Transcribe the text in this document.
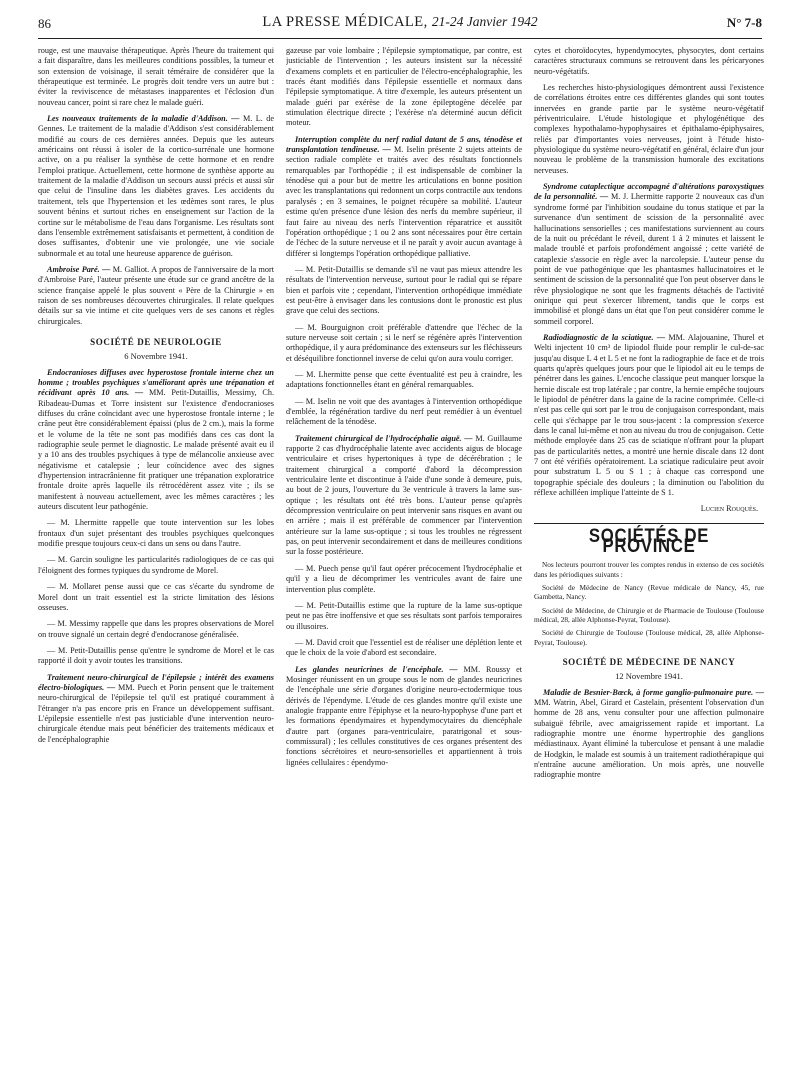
86	LA PRESSE MÉDICALE, 21-24 Janvier 1942	N° 7-8

rouge, est une mauvaise thérapeutique. Après l'heure du traitement qui a fait disparaître, dans les meilleures conditions possibles, la tumeur et son extension de voisinage, il serait téméraire de considérer que la thérapeutique est terminée. Le progrès doit tendre vers un autre but : éviter la reviviscence de métastases inapparentes et l'éclosion d'un nouveau cancer, point si rare chez le malade guéri.

Les nouveaux traitements de la maladie d'Addison. — M. L. de Gennes. Le traitement de la maladie d'Addison s'est considérablement modifié au cours de ces dernières années. Depuis que les auteurs américains ont réussi à isoler de la cortico-surrénale une hormone active, on a pu réaliser la synthèse de cette hormone et en rendre l'emploi pratique. Actuellement, cette hormone de synthèse apporte au traitement de la maladie d'Addison un secours aussi précis et aussi sûr que celui de l'insuline dans les diabètes graves. Les accidents du traitement, tels que l'hypertension et les œdèmes sont rares, le plus souvent bénins et surtout riches en enseignement sur l'action de la cortine sur le métabolisme de l'eau dans l'organisme. Les résultats sont dans l'ensemble extrêmement satisfaisants et permettent, à condition de doses suffisantes, d'obtenir une vie prolongée, une vie sociale subnormale et au total une heureuse apparence de guérison.

Ambroise Paré. — M. Galliot. A propos de l'anniversaire de la mort d'Ambroise Paré, l'auteur présente une étude sur ce grand ancêtre de la science française appelé le plus souvent « Père de la Chirurgie » en raison de ses nombreuses découvertes chirurgicales. Il relate quelques détails sur sa vie intime et cite quelques vers de ses canons et règles chirurgicales.

SOCIÉTÉ DE NEUROLOGIE
6 Novembre 1941.

Endocranioses diffuses avec hyperostose frontale interne chez un homme ; troubles psychiques s'améliorant après une trépanation et récidivant après 10 ans. — MM. Petit-Dutaillis, Messimy, Ch. Ribadeau-Dumas et Torre insistent sur l'existence d'endocranioses diffuses du crâne coïncidant avec une hyperostose frontale interne ; le crâne peut être considérablement épaissi (plus de 2 cm.), mais la forme et le volume de la tête ne sont pas modifiés dans ces cas dont la radiographie seule permet le diagnostic. Le malade présenté avait eu il y a 10 ans des troubles psychiques à type de mélancolie anxieuse avec négativisme et catalepsie ; leur coïncidence avec des signes d'hypertension intracrânienne fit pratiquer une trépanation exploratrice frontale droite après laquelle ils rétrocédèrent assez vite ; ils se manifestent à nouveau actuellement, avec les mêmes caractères ; les auteurs discutent leur pathogénie.

— M. Lhermitte rappelle que toute intervention sur les lobes frontaux d'un sujet présentant des troubles psychiques quelconques modifie presque toujours ceux-ci dans un sens ou dans l'autre.

— M. Garcin souligne les particularités radiologiques de ce cas qui l'éloignent des formes typiques du syndrome de Morel.

— M. Mollaret pense aussi que ce cas s'écarte du syndrome de Morel dont un trait essentiel est la stricte limitation des lésions osseuses.

— M. Messimy rappelle que dans les propres observations de Morel on trouve signalé un certain degré d'endocranose généralisée.

— M. Petit-Dutaillis pense qu'entre le syndrome de Morel et le cas rapporté il doit y avoir toutes les transitions.

Traitement neuro-chirurgical de l'épilepsie ; intérêt des examens électro-biologiques. — MM. Puech et Porin pensent que le traitement neuro-chirurgical de l'épilepsie tel qu'il est pratiqué couramment à l'étranger n'a pas encore pris en France un développement suffisant. L'épilepsie essentielle n'est pas justiciable d'une intervention neuro-chirurgicale étendue mais peut bénéficier des traitements médicaux et de l'encéphalographie

gazeuse par voie lombaire ; l'épilepsie symptomatique, par contre, est justiciable de l'intervention ; les auteurs insistent sur la nécessité d'examens complets et en particulier de l'électro-encéphalographie, les tracés étant modifiés dans l'épilepsie essentielle et normaux dans l'épilepsie symptomatique. A titre d'exemple, les auteurs présentent un malade guéri par exérèse de la zone épileptogène décelée par stimulation électrique directe ; l'exérèse n'a déterminé aucun déficit moteur.

Interruption complète du nerf radial datant de 5 ans, ténodèse et transplantation tendineuse. — M. Iselin présente 2 sujets atteints de section radiale complète et traités avec des résultats fonctionnels remarquables par l'orthopédie ; il est indispensable de combiner la ténodèse qui a pour but de mettre les articulations en bonne position avec les transplantations qui redonnent un corps contractile aux tendons paralysés ; en 3 semaines, le poignet récupère sa mobilité. L'auteur estime qu'en présence d'une lésion des nerfs du membre supérieur, il faut faire au niveau des nerfs l'intervention réparatrice et aussitôt l'opération orthopédique ; 1 ou 2 ans sont nécessaires pour être certain de l'échec de la suture nerveuse et il ne paraît y avoir aucun avantage à différer si longtemps l'opération orthopédique palliative.

— M. Petit-Dutaillis se demande s'il ne vaut pas mieux attendre les résultats de l'intervention nerveuse, surtout pour le radial qui se répare bien et parfois vite ; cependant, l'intervention orthopédique immédiate est peut-être à envisager dans les contusions dont le pronostic est plus grave que celui des sections.

— M. Bourguignon croit préférable d'attendre que l'échec de la suture nerveuse soit certain ; si le nerf se régénère après l'intervention orthopédique, il y aura prédominance des extenseurs sur les fléchisseurs et déséquilibre fonctionnel inverse de celui qu'on aura voulu corriger.

— M. Lhermitte pense que cette éventualité est peu à craindre, les adaptations fonctionnelles étant en général remarquables.

— M. Iselin ne voit que des avantages à l'intervention orthopédique d'emblée, la régénération tardive du nerf peut remédier à un éventuel relâchement de la ténodèse.

Traitement chirurgical de l'hydrocéphalie aiguë. — M. Guillaume rapporte 2 cas d'hydrocéphalie latente avec accidents aigus de blocage ventriculaire et crises hypertoniques à type de décérébration ; le traitement chirurgical a comporté d'abord la décompression ventriculaire lente et discontinue à l'aide d'une sonde à demeure, puis, au bout de 2 jours, l'ouverture du 3e ventricule à travers la lame sus-optique ; les résultats ont été très bons. L'auteur pense qu'après décompression ventriculaire on peut intervenir sans risques en avant ou en arrière ; mais il est préférable de commencer par l'intervention antérieure sur la lame sus-optique ; si tous les troubles ne régressent pas, on peut intervenir secondairement et dans de meilleures conditions sur la fosse postérieure.

— M. Puech pense qu'il faut opérer précocement l'hydrocéphalie et qu'il y a lieu de décomprimer les ventricules avant de faire une intervention plus complète.

— M. Petit-Dutaillis estime que la rupture de la lame sus-optique peut ne pas être inoffensive et que ses résultats sont parfois temporaires ou illusoires.

— M. David croit que l'essentiel est de réaliser une déplétion lente et que le choix de la voie d'abord est secondaire.

Les glandes neuricrines de l'encéphale. — MM. Roussy et Mosinger réunissent en un groupe sous le nom de glandes neuricrines de l'encéphale une série d'organes d'origine neuro-ectodermique tous dérivés de l'épendyme. L'étude de ces glandes montre qu'il existe une analogie frappante entre l'épiphyse et la neuro-hypophyse d'une part et les formations épendymaires et hypendymocytaires du diencéphale d'autre part (organes para-ventriculaire, paratrigonal et sous-commissural) ; les cellules constitutives de ces organes présentent des fonctions sécrétoires et neuro-sensorielles et appartiennent à trois lignées cellulaires : épendymo-

cytes et choroïdocytes, hypendymocytes, physocytes, dont certains caractères structuraux communs se retrouvent dans les péricaryones neuro-végétatifs.

Les recherches histo-physiologiques démontrent aussi l'existence de corrélations étroites entre ces différentes glandes qui sont toutes innervées en grande partie par le système neuro-végétatif périventriculaire. L'étude histologique et phylogénétique des complexes hypothalamo-hypophysaires et épithalamo-épiphysaires, reliés par d'importantes voies nerveuses, joint à l'étude histo-physiologique du système neuro-végétatif en général, éclaire d'un jour nouveau le problème de la transmission humorale des excitations nerveuses.

Syndrome cataplectique accompagné d'altérations paroxystiques de la personnalité. — M. J. Lhermitte rapporte 2 nouveaux cas d'un syndrome formé par l'inhibition soudaine du tonus statique et par la survenance d'un sentiment de scission de la personnalité avec hallucinations sensorielles ; ces manifestations surviennent au cours de la nuit ou précédant le réveil, durent 1 à 2 minutes et laissent le malade troublé et parfois profondément angoissé ; cette variété de cataplexie s'associe en règle avec la narcolepsie. L'auteur pense du point de vue pathogénique que les phantasmes hallucinatoires et le sentiment de scission de la personnalité que l'on peut observer dans le rêve physiologique ne sont que les fragments détachés de l'activité onirique qui peut s'exercer librement, tandis que le corps est immobilisé et plongé dans un état que l'on peut considérer comme le sommeil corporel.

Radiodiagnostic de la sciatique. — MM. Alajouanine, Thurel et Welti injectent 10 cm³ de lipiodol fluide pour remplir le cul-de-sac jusqu'au disque L 4 et L 5 et ne font la radiographie de face et de trois quarts qu'après quelques jours pour que le lipiodol ait eu le temps de pénétrer dans les gaines. L'encoche classique peut manquer lorsque la hernie discale est trop latérale ; par contre, la hernie empêche toujours le lipiodol de pénétrer dans la gaine de la racine comprimée. Celle-ci n'est pas celle qui sort par le trou de conjugaison correspondant, mais celle qui s'échappe par le trou sous-jacent : la compression s'exerce dans le canal lui-même et non au niveau du trou de conjugaison. Cette méthode employée dans 25 cas de sciatique n'offrant pour la plupart pas de particularités nettes, a montré une hernie discale dans 12 dont 7 ont été vérifiés opératoirement. La sciatique radiculaire peut avoir pour substratum L 5 ou S 1 ; à chaque cas correspond une topographie spéciale des douleurs ; la diminution ou l'abolition du réflexe achilléen implique l'atteinte de S 1.

Lucien Rouquès.
SOCIÉTÉS DE PROVINCE

Nos lecteurs pourront trouver les comptes rendus in extenso de ces sociétés dans les périodiques suivants :

Société de Médecine de Nancy (Revue médicale de Nancy, 45, rue Gambetta, Nancy.

Société de Médecine, de Chirurgie et de Pharmacie de Toulouse (Toulouse médical, 28, allée Alphonse-Peyrat, Toulouse).

Société de Chirurgie de Toulouse (Toulouse médical, 28, allée Alphonse-Peyrat, Toulouse).

SOCIÉTÉ DE MÉDECINE DE NANCY
12 Novembre 1941.

Maladie de Besnier-Bœck, à forme ganglio-pulmonaire pure. — MM. Watrin, Abel, Girard et Castelain, présentent l'observation d'un homme de 28 ans, venu consulter pour une affection pulmonaire subaiguë fébrile, avec amaigrissement rapide et important. La radiographie montre une énorme hypertrophie des ganglions médiastinaux. Ayant éliminé la tuberculose et pensant à une maladie de Hodgkin, le malade est soumis à un traitement radiothérapique qui n'entraîne aucune amélioration. Un mois après, une nouvelle radiographie montre
